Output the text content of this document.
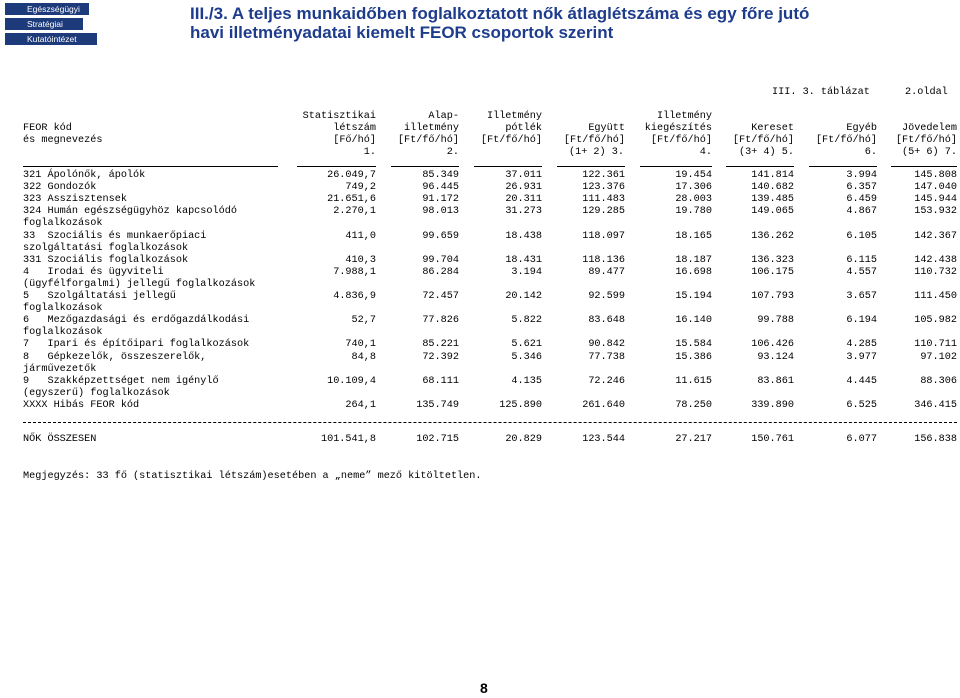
Egészségügyi
Stratégiai
Kutatóintézet
III./3. A teljes munkaidőben foglalkoztatott nők átlaglétszáma és egy főre jutó havi illetményadatai kiemelt FEOR csoportok szerint
III. 3. táblázat	2.oldal
FEOR kód
és megnevezés
Statisztikai
létszám
[Fő/hó]
1.
Alap-
illetmény
[Ft/fő/hó]
2.
Illetmény
pótlék
[Ft/fő/hó]
(1+ 2) 3.
Együtt
[Ft/fő/hó]
Illetmény
kiegészítés
[Ft/fő/hó]
4.
Kereset
[Ft/fő/hó]
(3+ 4) 5.
Egyéb
[Ft/fő/hó]
6.
Jövedelem
[Ft/fő/hó]
(5+ 6) 7.
321 Ápolónők, ápolók	26.049,7	85.349	37.011	122.361	19.454	141.814	3.994	145.808
322 Gondozók	749,2	96.445	26.931	123.376	17.306	140.682	6.357	147.040
323 Asszisztensek	21.651,6	91.172	20.311	111.483	28.003	139.485	6.459	145.944
324 Humán egészségügyhöz kapcsolódó
foglalkozások
2.270,1	98.013	31.273	129.285	19.780	149.065	4.867	153.932
33  Szociális és munkaerőpiaci
szolgáltatási foglalkozások
411,0	99.659	18.438	118.097	18.165	136.262	6.105	142.367
331 Szociális foglalkozások	410,3	99.704	18.431	118.136	18.187	136.323	6.115	142.438
4   Irodai és ügyviteli
(ügyfélforgalmi) jellegű foglalkozások
7.988,1	86.284	3.194	89.477	16.698	106.175	4.557	110.732
5   Szolgáltatási jellegű
foglalkozások
4.836,9	72.457	20.142	92.599	15.194	107.793	3.657	111.450
6   Mezőgazdasági és erdőgazdálkodási
foglalkozások
52,7	77.826	5.822	83.648	16.140	99.788	6.194	105.982
7   Ipari és építőipari foglalkozások	740,1	85.221	5.621	90.842	15.584	106.426	4.285	110.711
8   Gépkezelők, összeszerelők,
járművezetők
84,8	72.392	5.346	77.738	15.386	93.124	3.977	97.102
9   Szakképzettséget nem igénylő
(egyszerű) foglalkozások
10.109,4	68.111	4.135	72.246	11.615	83.861	4.445	88.306
XXXX Hibás FEOR kód	264,1	135.749	125.890	261.640	78.250	339.890	6.525	346.415
NŐK ÖSSZESEN	101.541,8	102.715	20.829	123.544	27.217	150.761	6.077	156.838
Megjegyzés: 33 fő (statisztikai létszám)esetében a „neme” mező kitöltetlen.
8
